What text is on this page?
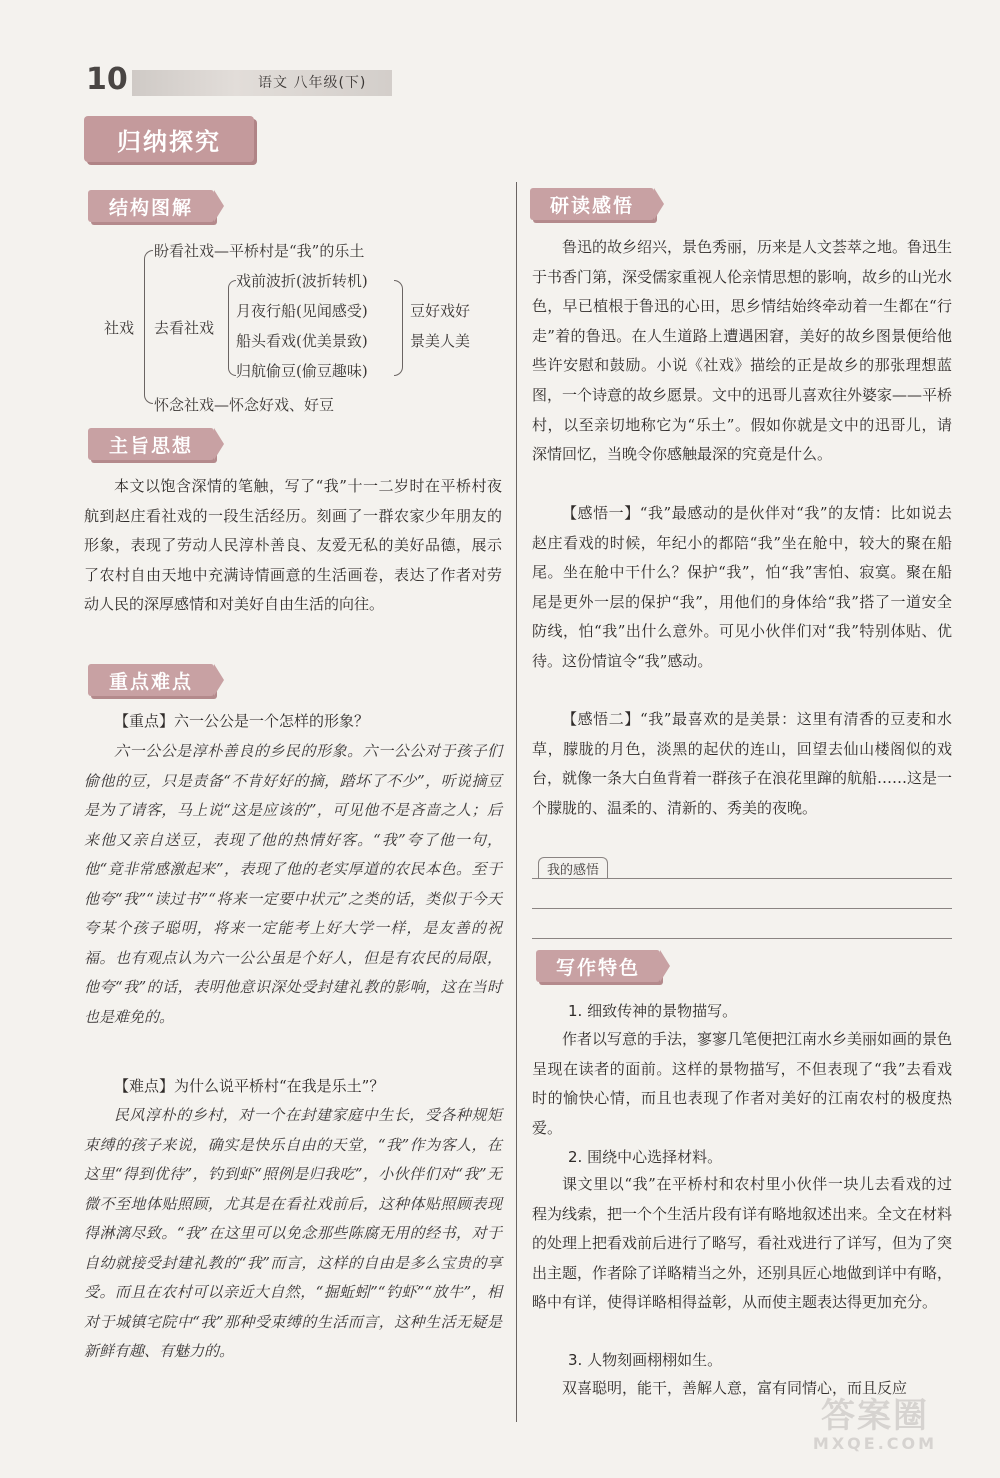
10	语文 八年级(下)
归纳探究
结构图解
社戏
盼看社戏—平桥村是“我”的乐土
去看社戏
怀念社戏—怀念好戏、好豆
戏前波折(波折转机)
月夜行船(见闻感受)
船头看戏(优美景致)
归航偷豆(偷豆趣味)
豆好戏好
景美人美
主旨思想
本文以饱含深情的笔触，写了“我”十一二岁时在平桥村夜航到赵庄看社戏的一段生活经历。刻画了一群农家少年朋友的形象，表现了劳动人民淳朴善良、友爱无私的美好品德，展示了农村自由天地中充满诗情画意的生活画卷，表达了作者对劳动人民的深厚感情和对美好自由生活的向往。
重点难点
【重点】六一公公是一个怎样的形象？
六一公公是淳朴善良的乡民的形象。六一公公对于孩子们偷他的豆，只是责备“不肯好好的摘，踏坏了不少”，听说摘豆是为了请客，马上说“这是应该的”，可见他不是吝啬之人；后来他又亲自送豆，表现了他的热情好客。“我”夸了他一句，他“竟非常感激起来”，表现了他的老实厚道的农民本色。至于他夸“我”“读过书”“将来一定要中状元”之类的话，类似于今天夸某个孩子聪明，将来一定能考上好大学一样，是友善的祝福。也有观点认为六一公公虽是个好人，但是有农民的局限，他夸“我”的话，表明他意识深处受封建礼教的影响，这在当时也是难免的。
【难点】为什么说平桥村“在我是乐土”？
民风淳朴的乡村，对一个在封建家庭中生长，受各种规矩束缚的孩子来说，确实是快乐自由的天堂，“我”作为客人，在这里“得到优待”，钓到虾“照例是归我吃”，小伙伴们对“我”无微不至地体贴照顾，尤其是在看社戏前后，这种体贴照顾表现得淋漓尽致。“我”在这里可以免念那些陈腐无用的经书，对于自幼就接受封建礼教的“我”而言，这样的自由是多么宝贵的享受。而且在农村可以亲近大自然，“掘蚯蚓”“钓虾”“放牛”，相对于城镇宅院中“我”那种受束缚的生活而言，这种生活无疑是新鲜有趣、有魅力的。
研读感悟
鲁迅的故乡绍兴，景色秀丽，历来是人文荟萃之地。鲁迅生于书香门第，深受儒家重视人伦亲情思想的影响，故乡的山光水色，早已植根于鲁迅的心田，思乡情结始终牵动着一生都在“行走”着的鲁迅。在人生道路上遭遇困窘，美好的故乡图景便给他些许安慰和鼓励。小说《社戏》描绘的正是故乡的那张理想蓝图，一个诗意的故乡愿景。文中的迅哥儿喜欢往外婆家——平桥村，以至亲切地称它为“乐土”。假如你就是文中的迅哥儿，请深情回忆，当晚令你感触最深的究竟是什么。
【感悟一】“我”最感动的是伙伴对“我”的友情：比如说去赵庄看戏的时候，年纪小的都陪“我”坐在舱中，较大的聚在船尾。坐在舱中干什么？保护“我”，怕“我”害怕、寂寞。聚在船尾是更外一层的保护“我”，用他们的身体给“我”搭了一道安全防线，怕“我”出什么意外。可见小伙伴们对“我”特别体贴、优待。这份情谊令“我”感动。
【感悟二】“我”最喜欢的是美景：这里有清香的豆麦和水草，朦胧的月色，淡黑的起伏的连山，回望去仙山楼阁似的戏台，就像一条大白鱼背着一群孩子在浪花里蹿的航船……这是一个朦胧的、温柔的、清新的、秀美的夜晚。
我的感悟
写作特色
1. 细致传神的景物描写。
作者以写意的手法，寥寥几笔便把江南水乡美丽如画的景色呈现在读者的面前。这样的景物描写，不但表现了“我”去看戏时的愉快心情，而且也表现了作者对美好的江南农村的极度热爱。
2. 围绕中心选择材料。
课文里以“我”在平桥村和农村里小伙伴一块儿去看戏的过程为线索，把一个个生活片段有详有略地叙述出来。全文在材料的处理上把看戏前后进行了略写，看社戏进行了详写，但为了突出主题，作者除了详略精当之外，还别具匠心地做到详中有略，略中有详，使得详略相得益彰，从而使主题表达得更加充分。
3. 人物刻画栩栩如生。
双喜聪明，能干，善解人意，富有同情心，而且反应
答案圈
MXQE.COM
